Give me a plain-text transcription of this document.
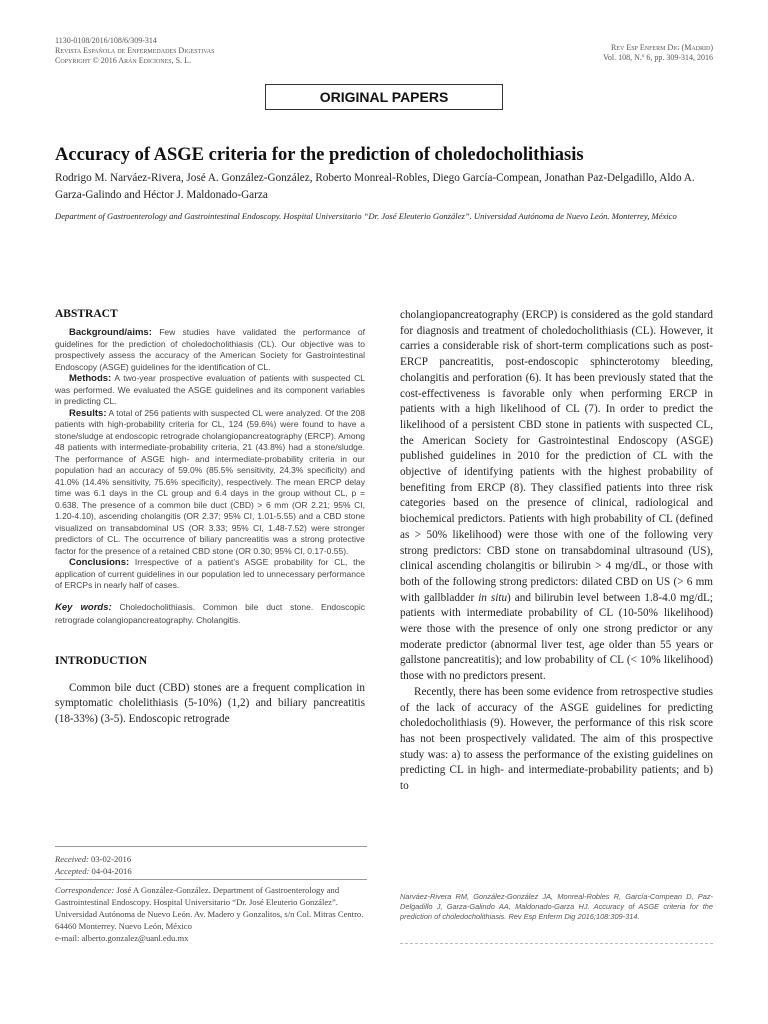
1130-0108/2016/108/6/309-314
Revista Española de Enfermedades Digestivas
Copyright © 2016 Arán Ediciones, S. L.
Rev Esp Enferm Dig (Madrid)
Vol. 108, N.º 6, pp. 309-314, 2016
ORIGINAL PAPERS
Accuracy of ASGE criteria for the prediction of choledocholithiasis
Rodrigo M. Narváez-Rivera, José A. González-González, Roberto Monreal-Robles, Diego García-Compean, Jonathan Paz-Delgadillo, Aldo A. Garza-Galindo and Héctor J. Maldonado-Garza
Department of Gastroenterology and Gastrointestinal Endoscopy. Hospital Universitario “Dr. José Eleuterio González”. Universidad Autónoma de Nuevo León. Monterrey, México

ABSTRACT

Background/aims: Few studies have validated the performance of guidelines for the prediction of choledocholithiasis (CL). Our objective was to prospectively assess the accuracy of the American Society for Gastrointestinal Endoscopy (ASGE) guidelines for the identification of CL.
Methods: A two-year prospective evaluation of patients with suspected CL was performed. We evaluated the ASGE guidelines and its component variables in predicting CL.
Results: A total of 256 patients with suspected CL were analyzed. Of the 208 patients with high-probability criteria for CL, 124 (59.6%) were found to have a stone/sludge at endoscopic retrograde cholangiopancreatography (ERCP). Among 48 patients with intermediate-probability criteria, 21 (43.8%) had a stone/sludge. The performance of ASGE high- and intermediate-probability criteria in our population had an accuracy of 59.0% (85.5% sensitivity, 24.3% specificity) and 41.0% (14.4% sensitivity, 75.6% specificity), respectively. The mean ERCP delay time was 6.1 days in the CL group and 6.4 days in the group without CL, p = 0.638. The presence of a common bile duct (CBD) > 6 mm (OR 2.21; 95% CI, 1.20-4.10), ascending cholangitis (OR 2.37; 95% CI, 1.01-5.55) and a CBD stone visualized on transabdominal US (OR 3.33; 95% CI, 1.48-7.52) were stronger predictors of CL. The occurrence of biliary pancreatitis was a strong protective factor for the presence of a retained CBD stone (OR 0.30; 95% CI, 0.17-0.55).
Conclusions: Irrespective of a patient’s ASGE probability for CL, the application of current guidelines in our population led to unnecessary performance of ERCPs in nearly half of cases.
Key words: Choledocholithiasis. Common bile duct stone. Endoscopic retrograde colangiopancreatography. Cholangitis.

INTRODUCTION

Common bile duct (CBD) stones are a frequent complication in symptomatic cholelithiasis (5-10%) (1,2) and biliary pancreatitis (18-33%) (3-5). Endoscopic retrograde

cholangiopancreatography (ERCP) is considered as the gold standard for diagnosis and treatment of choledocholithiasis (CL). However, it carries a considerable risk of short-term complications such as post-ERCP pancreatitis, post-endoscopic sphincterotomy bleeding, cholangitis and perforation (6). It has been previously stated that the cost-effectiveness is favorable only when performing ERCP in patients with a high likelihood of CL (7). In order to predict the likelihood of a persistent CBD stone in patients with suspected CL, the American Society for Gastrointestinal Endoscopy (ASGE) published guidelines in 2010 for the prediction of CL with the objective of identifying patients with the highest probability of benefiting from ERCP (8). They classified patients into three risk categories based on the presence of clinical, radiological and biochemical predictors. Patients with high probability of CL (defined as > 50% likelihood) were those with one of the following very strong predictors: CBD stone on transabdominal ultrasound (US), clinical ascending cholangitis or bilirubin > 4 mg/dL, or those with both of the following strong predictors: dilated CBD on US (> 6 mm with gallbladder in situ) and bilirubin level between 1.8-4.0 mg/dL; patients with intermediate probability of CL (10-50% likelihood) were those with the presence of only one strong predictor or any moderate predictor (abnormal liver test, age older than 55 years or gallstone pancreatitis); and low probability of CL (< 10% likelihood) those with no predictors present.

Recently, there has been some evidence from retrospective studies of the lack of accuracy of the ASGE guidelines for predicting choledocholithiasis (9). However, the performance of this risk score has not been prospectively validated. The aim of this prospective study was: a) to assess the performance of the existing guidelines on predicting CL in high- and intermediate-probability patients; and b) to

Received: 03-02-2016
Accepted: 04-04-2016
Correspondence: José A González-González. Department of Gastroenterology and Gastrointestinal Endoscopy. Hospital Universitario “Dr. José Eleuterio González”. Universidad Autónoma de Nuevo León. Av. Madero y Gonzalitos, s/n Col. Mitras Centro. 64460 Monterrey. Nuevo León, México
e-mail: alberto.gonzalez@uanl.edu.mx
Narváez-Rivera RM, González-González JA, Monreal-Robles R, García-Compean D, Paz-Delgadillo J, Garza-Galindo AA, Maldonado-Garza HJ. Accuracy of ASGE criteria for the prediction of choledocholithiasis. Rev Esp Enferm Dig 2016;108:309-314.
